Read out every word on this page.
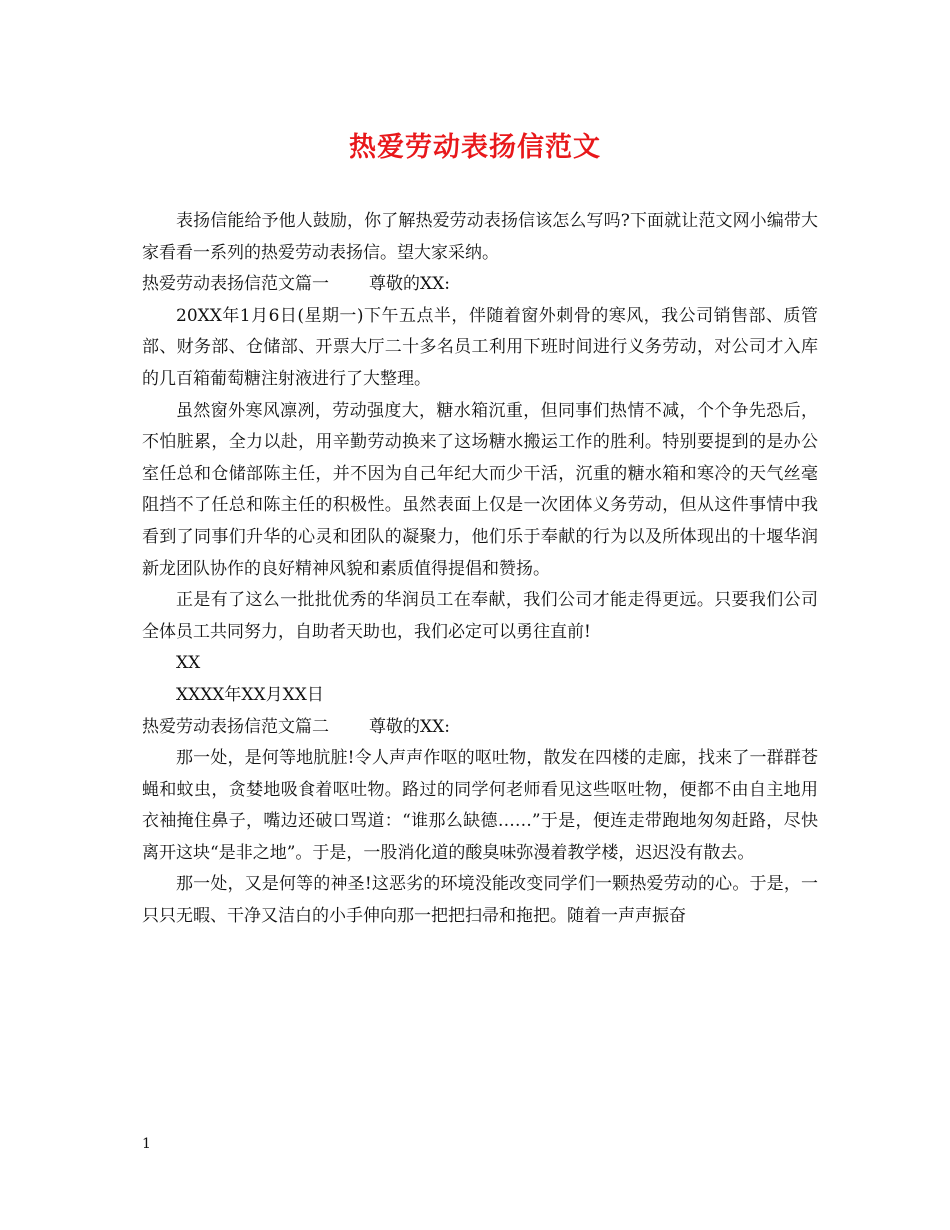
热爱劳动表扬信范文

表扬信能给予他人鼓励，你了解热爱劳动表扬信该怎么写吗?下面就让范文网小编带大家看看一系列的热爱劳动表扬信。望大家采纳。

热爱劳动表扬信范文篇一 尊敬的XX:

20XX年1月6日(星期一)下午五点半，伴随着窗外刺骨的寒风，我公司销售部、质管部、财务部、仓储部、开票大厅二十多名员工利用下班时间进行义务劳动，对公司才入库的几百箱葡萄糖注射液进行了大整理。

虽然窗外寒风凛冽，劳动强度大，糖水箱沉重，但同事们热情不减，个个争先恐后，不怕脏累，全力以赴，用辛勤劳动换来了这场糖水搬运工作的胜利。特别要提到的是办公室任总和仓储部陈主任，并不因为自己年纪大而少干活，沉重的糖水箱和寒冷的天气丝毫阻挡不了任总和陈主任的积极性。虽然表面上仅是一次团体义务劳动，但从这件事情中我看到了同事们升华的心灵和团队的凝聚力，他们乐于奉献的行为以及所体现出的十堰华润新龙团队协作的良好精神风貌和素质值得提倡和赞扬。

正是有了这么一批批优秀的华润员工在奉献，我们公司才能走得更远。只要我们公司全体员工共同努力，自助者天助也，我们必定可以勇往直前!

XX

XXXX年XX月XX日

热爱劳动表扬信范文篇二 尊敬的XX:

那一处，是何等地肮脏!令人声声作呕的呕吐物，散发在四楼的走廊，找来了一群群苍蝇和蚊虫，贪婪地吸食着呕吐物。路过的同学何老师看见这些呕吐物，便都不由自主地用衣袖掩住鼻子，嘴边还破口骂道：“谁那么缺德……”于是，便连走带跑地匆匆赶路，尽快离开这块“是非之地”。于是，一股消化道的酸臭味弥漫着教学楼，迟迟没有散去。

那一处，又是何等的神圣!这恶劣的环境没能改变同学们一颗热爱劳动的心。于是，一只只无暇、干净又洁白的小手伸向那一把把扫帚和拖把。随着一声声振奋

1
